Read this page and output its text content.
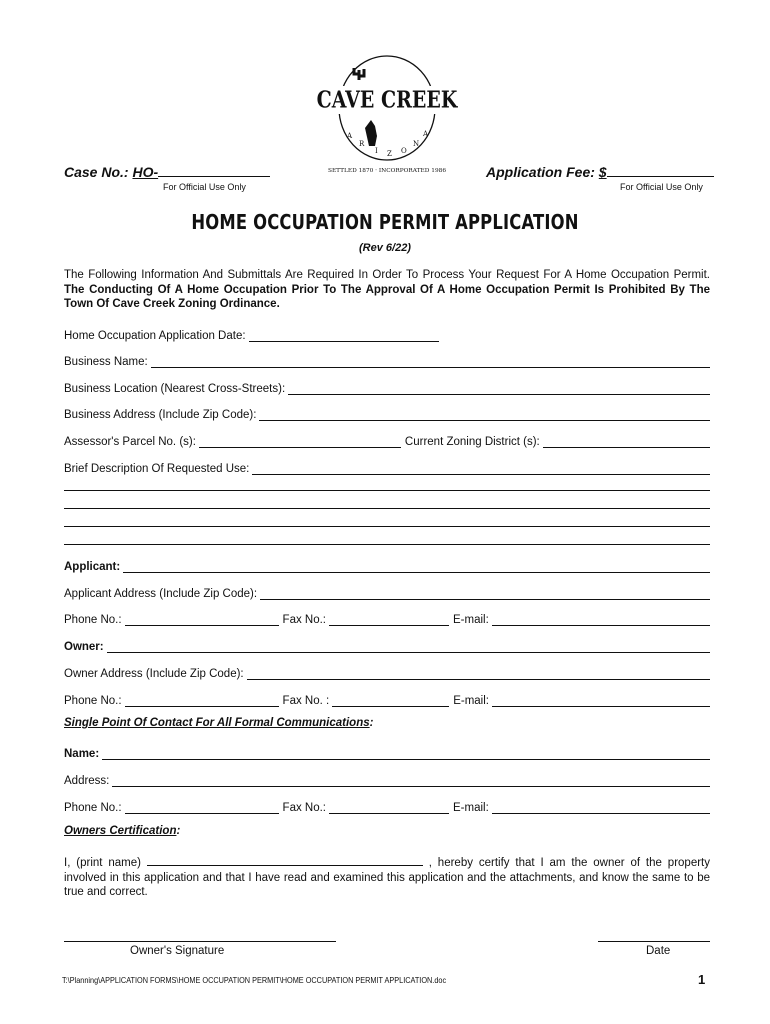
CAVE CREEK
A
R
I Z O
N
A
SETTLED 1870 · INCORPORATED 1986
Case No.: HO-
For Official Use Only
Application Fee: $
For Official Use Only
HOME OCCUPATION PERMIT APPLICATION
(Rev 6/22)
The Following Information And Submittals Are Required In Order To Process Your Request For A Home Occupation Permit. The Conducting Of A Home Occupation Prior To The Approval Of A Home Occupation Permit Is Prohibited By The Town Of Cave Creek Zoning Ordinance.
Home Occupation Application Date:
Business Name:
Business Location (Nearest Cross-Streets):
Business Address (Include Zip Code):
Assessor's Parcel No. (s):	Current Zoning District (s):
Brief Description Of Requested Use:
Applicant:
Applicant Address (Include Zip Code):
Phone No.:	Fax No.:	E-mail:
Owner:
Owner Address (Include Zip Code):
Phone No.:	Fax No. :	E-mail:
Single Point Of Contact For All Formal Communications:
Name:
Address:
Phone No.:	Fax No.:	E-mail:
Owners Certification:
I, (print name)	, hereby certify that I am the owner of the property involved in this application and that I have read and examined this application and the attachments, and know the same to be true and correct.
Owner's Signature	Date
T:\Planning\APPLICATION FORMS\HOME OCCUPATION PERMIT\HOME OCCUPATION PERMIT APPLICATION.doc	1
